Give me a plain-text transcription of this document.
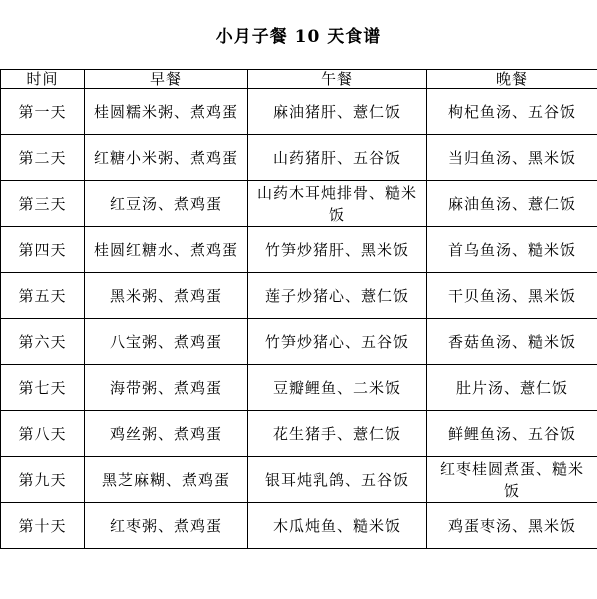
小月子餐 10 天食谱
时间	早餐	午餐	晚餐
第一天	桂圆糯米粥、煮鸡蛋	麻油猪肝、薏仁饭	枸杞鱼汤、五谷饭
第二天	红糖小米粥、煮鸡蛋	山药猪肝、五谷饭	当归鱼汤、黑米饭
第三天	红豆汤、煮鸡蛋	山药木耳炖排骨、糙米饭	麻油鱼汤、薏仁饭
第四天	桂圆红糖水、煮鸡蛋	竹笋炒猪肝、黑米饭	首乌鱼汤、糙米饭
第五天	黑米粥、煮鸡蛋	莲子炒猪心、薏仁饭	干贝鱼汤、黑米饭
第六天	八宝粥、煮鸡蛋	竹笋炒猪心、五谷饭	香菇鱼汤、糙米饭
第七天	海带粥、煮鸡蛋	豆瓣鲤鱼、二米饭	肚片汤、薏仁饭
第八天	鸡丝粥、煮鸡蛋	花生猪手、薏仁饭	鲜鲤鱼汤、五谷饭
第九天	黑芝麻糊、煮鸡蛋	银耳炖乳鸽、五谷饭	红枣桂圆煮蛋、糙米饭
第十天	红枣粥、煮鸡蛋	木瓜炖鱼、糙米饭	鸡蛋枣汤、黑米饭
